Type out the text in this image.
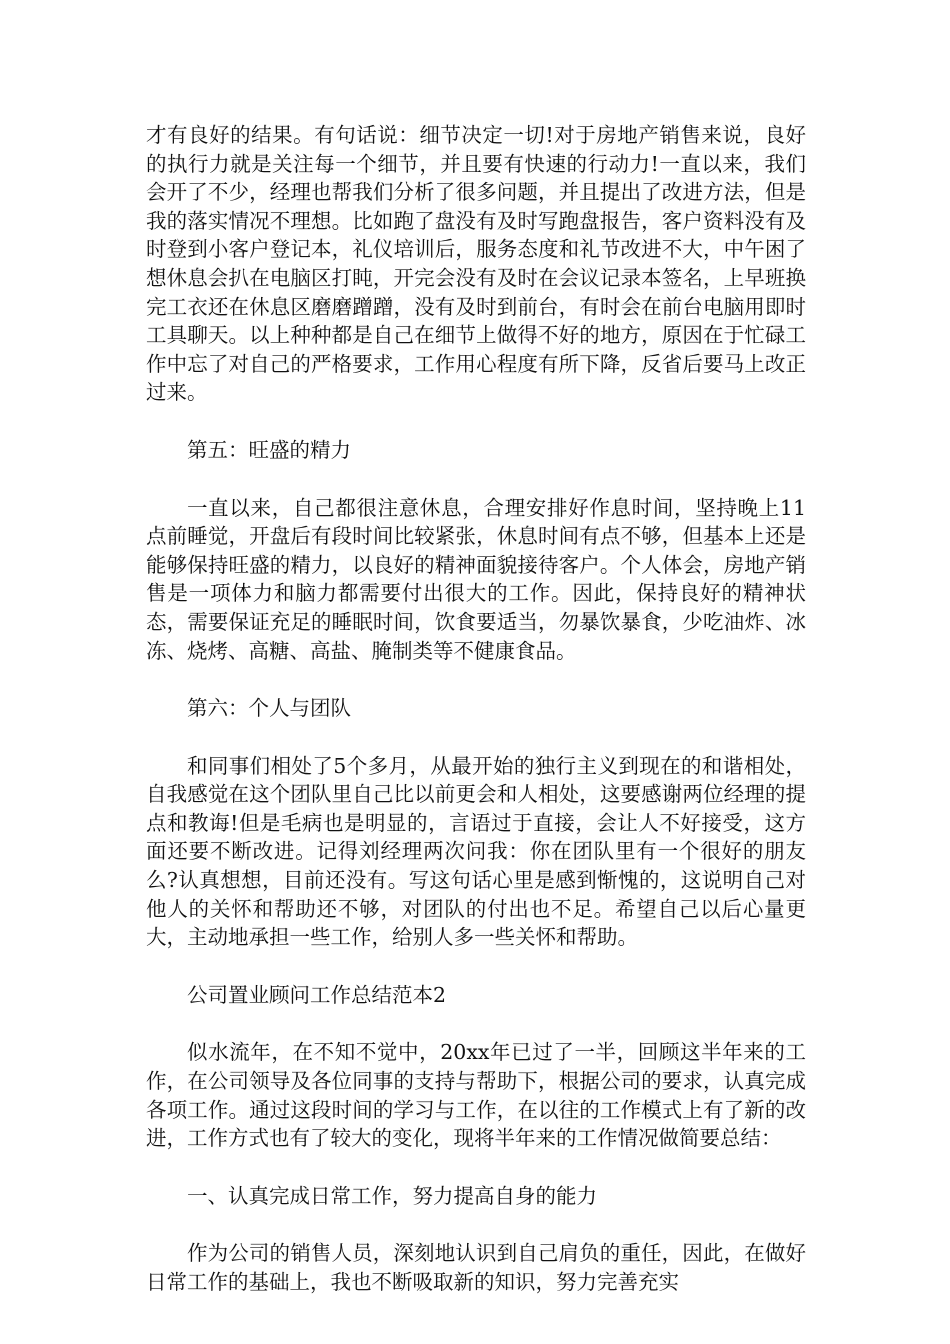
才有良好的结果。有句话说：细节决定一切!对于房地产销售来说，良好的执行力就是关注每一个细节，并且要有快速的行动力!一直以来，我们会开了不少，经理也帮我们分析了很多问题，并且提出了改进方法，但是我的落实情况不理想。比如跑了盘没有及时写跑盘报告，客户资料没有及时登到小客户登记本，礼仪培训后，服务态度和礼节改进不大，中午困了想休息会扒在电脑区打盹，开完会没有及时在会议记录本签名，上早班换完工衣还在休息区磨磨蹭蹭，没有及时到前台，有时会在前台电脑用即时工具聊天。以上种种都是自己在细节上做得不好的地方，原因在于忙碌工作中忘了对自己的严格要求，工作用心程度有所下降，反省后要马上改正过来。

第五：旺盛的精力

一直以来，自己都很注意休息，合理安排好作息时间，坚持晚上11点前睡觉，开盘后有段时间比较紧张，休息时间有点不够，但基本上还是能够保持旺盛的精力，以良好的精神面貌接待客户。个人体会，房地产销售是一项体力和脑力都需要付出很大的工作。因此，保持良好的精神状态，需要保证充足的睡眠时间，饮食要适当，勿暴饮暴食，少吃油炸、冰冻、烧烤、高糖、高盐、腌制类等不健康食品。

第六：个人与团队

和同事们相处了5个多月，从最开始的独行主义到现在的和谐相处，自我感觉在这个团队里自己比以前更会和人相处，这要感谢两位经理的提点和教诲!但是毛病也是明显的，言语过于直接，会让人不好接受，这方面还要不断改进。记得刘经理两次问我：你在团队里有一个很好的朋友么?认真想想，目前还没有。写这句话心里是感到惭愧的，这说明自己对他人的关怀和帮助还不够，对团队的付出也不足。希望自己以后心量更大，主动地承担一些工作，给别人多一些关怀和帮助。

公司置业顾问工作总结范本2

似水流年，在不知不觉中，20xx年已过了一半，回顾这半年来的工作，在公司领导及各位同事的支持与帮助下，根据公司的要求，认真完成各项工作。通过这段时间的学习与工作，在以往的工作模式上有了新的改进，工作方式也有了较大的变化，现将半年来的工作情况做简要总结：

一、认真完成日常工作，努力提高自身的能力

作为公司的销售人员，深刻地认识到自己肩负的重任，因此，在做好日常工作的基础上，我也不断吸取新的知识，努力完善充实
